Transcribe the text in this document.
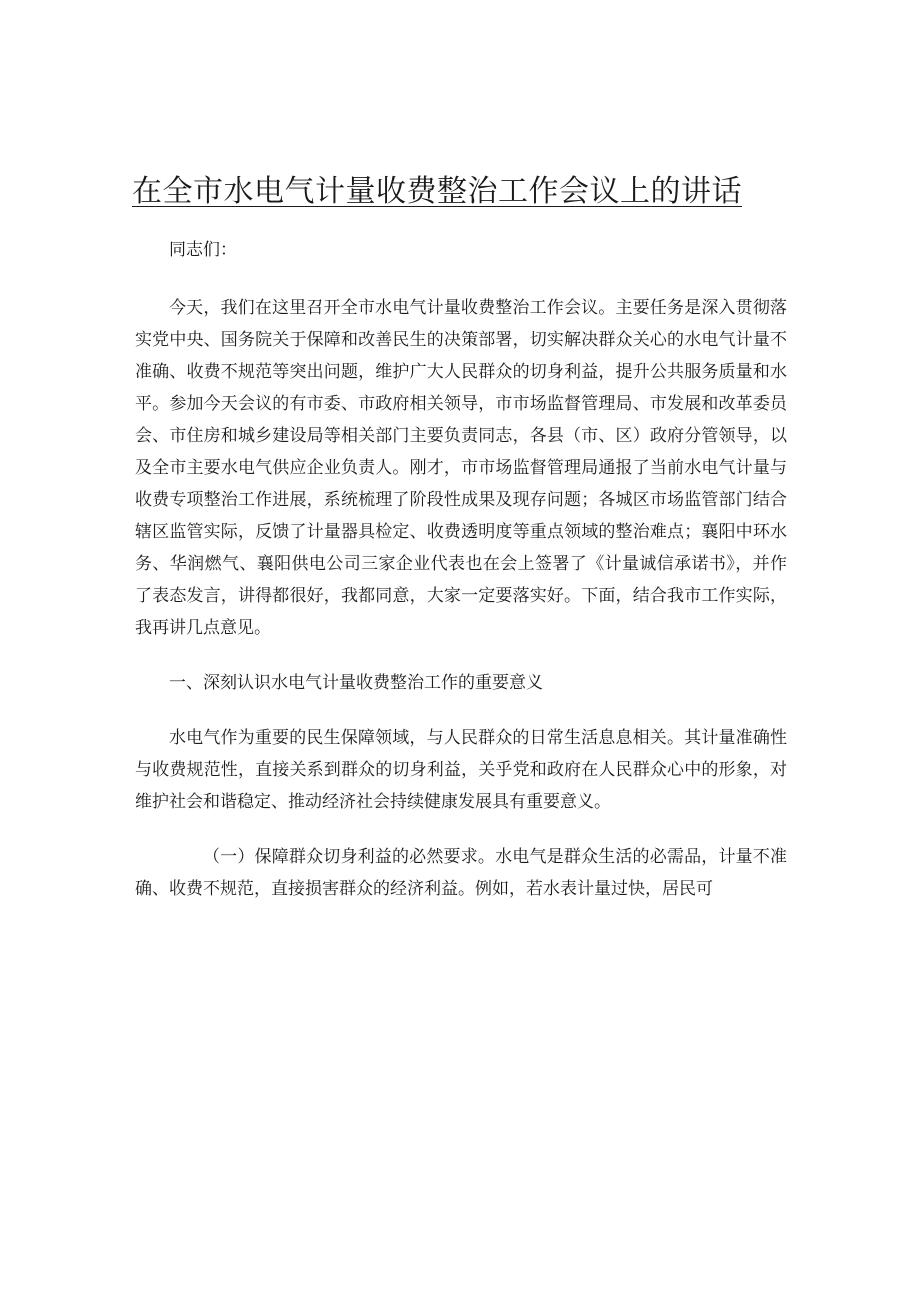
在全市水电气计量收费整治工作会议上的讲话

同志们：

今天，我们在这里召开全市水电气计量收费整治工作会议。主要任务是深入贯彻落实党中央、国务院关于保障和改善民生的决策部署，切实解决群众关心的水电气计量不准确、收费不规范等突出问题，维护广大人民群众的切身利益，提升公共服务质量和水平。参加今天会议的有市委、市政府相关领导，市市场监督管理局、市发展和改革委员会、市住房和城乡建设局等相关部门主要负责同志，各县（市、区）政府分管领导，以及全市主要水电气供应企业负责人。刚才，市市场监督管理局通报了当前水电气计量与收费专项整治工作进展，系统梳理了阶段性成果及现存问题；各城区市场监管部门结合辖区监管实际，反馈了计量器具检定、收费透明度等重点领域的整治难点；襄阳中环水务、华润燃气、襄阳供电公司三家企业代表也在会上签署了《计量诚信承诺书》，并作了表态发言，讲得都很好，我都同意，大家一定要落实好。下面，结合我市工作实际，我再讲几点意见。

一、深刻认识水电气计量收费整治工作的重要意义

水电气作为重要的民生保障领域，与人民群众的日常生活息息相关。其计量准确性与收费规范性，直接关系到群众的切身利益，关乎党和政府在人民群众心中的形象，对维护社会和谐稳定、推动经济社会持续健康发展具有重要意义。

（一）保障群众切身利益的必然要求。水电气是群众生活的必需品，计量不准确、收费不规范，直接损害群众的经济利益。例如，若水表计量过快，居民可
